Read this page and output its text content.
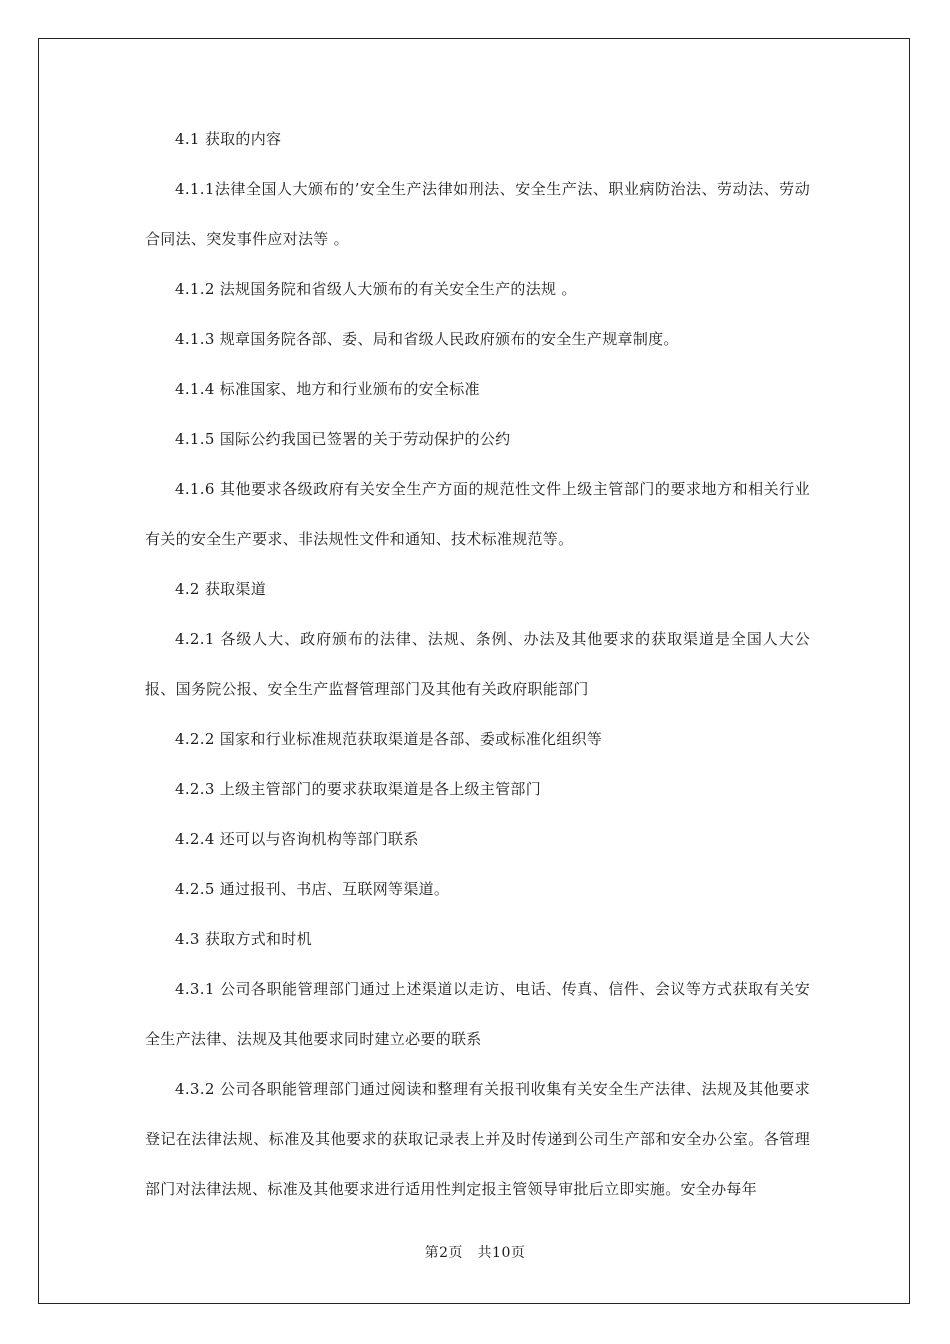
4.1 获取的内容

4.1.1法律全国人大颁布的’安全生产法律如刑法、安全生产法、职业病防治法、劳动法、劳动合同法、突发事件应对法等 。

4.1.2 法规国务院和省级人大颁布的有关安全生产的法规 。

4.1.3 规章国务院各部、委、局和省级人民政府颁布的安全生产规章制度。

4.1.4 标准国家、地方和行业颁布的安全标准

4.1.5 国际公约我国已签署的关于劳动保护的公约

4.1.6 其他要求各级政府有关安全生产方面的规范性文件上级主管部门的要求地方和相关行业有关的安全生产要求、非法规性文件和通知、技术标准规范等。

4.2 获取渠道

4.2.1 各级人大、政府颁布的法律、法规、条例、办法及其他要求的获取渠道是全国人大公报、国务院公报、安全生产监督管理部门及其他有关政府职能部门

4.2.2 国家和行业标准规范获取渠道是各部、委或标准化组织等

4.2.3 上级主管部门的要求获取渠道是各上级主管部门

4.2.4 还可以与咨询机构等部门联系

4.2.5 通过报刊、书店、互联网等渠道。

4.3 获取方式和时机

4.3.1 公司各职能管理部门通过上述渠道以走访、电话、传真、信件、会议等方式获取有关安全生产法律、法规及其他要求同时建立必要的联系

4.3.2 公司各职能管理部门通过阅读和整理有关报刊收集有关安全生产法律、法规及其他要求登记在法律法规、标准及其他要求的获取记录表上并及时传递到公司生产部和安全办公室。各管理部门对法律法规、标准及其他要求进行适用性判定报主管领导审批后立即实施。安全办每年

第2页　共10页
